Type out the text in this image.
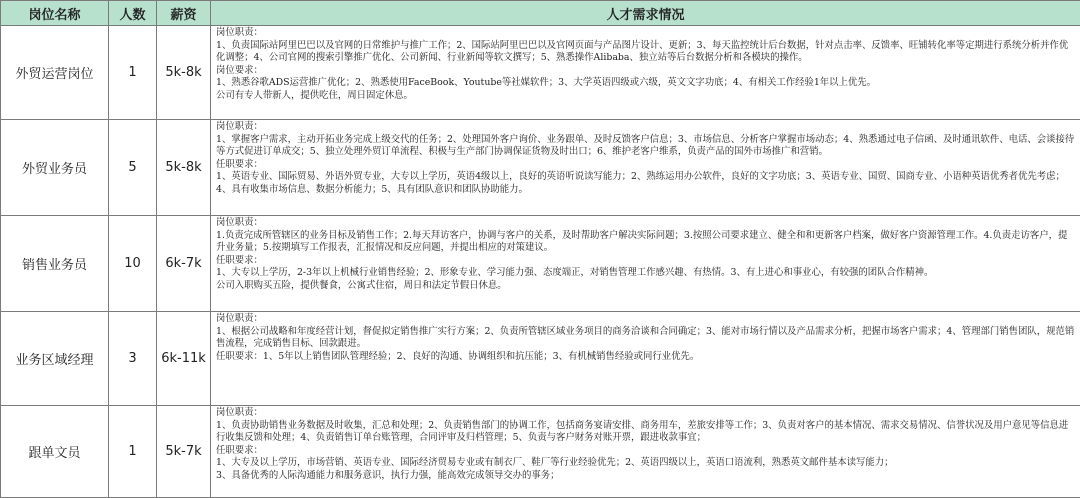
岗位名称	人数	薪资	人才需求情况
外贸运营岗位	1	5k-8k	岗位职责：
1、负责国际站阿里巴巴以及官网的日常维护与推广工作；2、国际站阿里巴巴以及官网页面与产品图片设计、更新；3、每天监控统计后台数据，针对点击率、反馈率、旺铺转化率等定期进行系统分析并作优化调整；4、公司官网的搜索引擎推广优化、公司新闻、行业新闻等软文撰写；5、熟悉操作Alibaba、独立站等后台数据分析和各模块的操作。
岗位要求：
1、熟悉谷歌ADS运营推广优化；2、熟悉使用FaceBook、Youtube等社媒软件；3、大学英语四级或六级，英文文字功底；4、有相关工作经验1年以上优先。
公司有专人带新人，提供吃住，周日固定休息。

外贸业务员	5	5k-8k	岗位职责：
1、掌握客户需求，主动开拓业务完成上级交代的任务；2、处理国外客户询价、业务跟单、及时反馈客户信息；3、市场信息、分析客户掌握市场动态；4、熟悉通过电子信函、及时通讯软件、电话、会谈接待等方式促进订单成交；5、独立处理外贸订单流程、积极与生产部门协调保证货物及时出口；6、维护老客户维系，负责产品的国外市场推广和营销。
任职要求：
1、英语专业、国际贸易、外语外贸专业，大专以上学历，英语4级以上，良好的英语听说读写能力；2、熟练运用办公软件，良好的文字功底；3、英语专业、国贸、国商专业、小语种英语优秀者优先考虑；4、具有收集市场信息、数据分析能力；5、具有团队意识和团队协助能力。

销售业务员	10	6k-7k	岗位职责：
1.负责完成所管辖区的业务目标及销售工作；2.每天拜访客户，协调与客户的关系，及时帮助客户解决实际问题；3.按照公司要求建立、健全和和更新客户档案，做好客户资源管理工作。4.负责走访客户，提升业务量；5.按期填写工作报表，汇报情况和反应问题，并提出相应的对策建议。
任职要求：
1、大专以上学历，2-3年以上机械行业销售经验；2、形象专业、学习能力强、态度端正，对销售管理工作感兴趣、有热情。3、有上进心和事业心，有较强的团队合作精神。
公司入职购买五险，提供餐食，公寓式住宿，周日和法定节假日休息。

业务区域经理	3	6k-11k	岗位职责：
1、根据公司战略和年度经营计划，督促拟定销售推广实行方案；2、负责所管辖区域业务项目的商务洽谈和合同确定；3、能对市场行情以及产品需求分析，把握市场客户需求；4、管理部门销售团队，规范销售流程，完成销售目标、回款跟进。
任职要求：1、5年以上销售团队管理经验；2、良好的沟通、协调组织和抗压能；3、有机械销售经验或同行业优先。

跟单文员	1	5k-7k	岗位职责：
1、负责协助销售业务数据及时收集，汇总和处理；2、负责销售部门的协调工作，包括商务宴请安排、商务用车，差旅安排等工作；3、负责对客户的基本情况、需求交易情况、信誉状况及用户意见等信息进行收集反馈和处理；4、负责销售订单台账管理，合同评审及归档管理；5、负责与客户财务对账开票，跟进收款事宜；
任职要求：
1、大专及以上学历，市场营销、英语专业、国际经济贸易专业或有制衣厂、鞋厂等行业经验优先；2、英语四级以上，英语口语流利，熟悉英文邮件基本读写能力；
3、具备优秀的人际沟通能力和服务意识，执行力强，能高效完成领导交办的事务；
